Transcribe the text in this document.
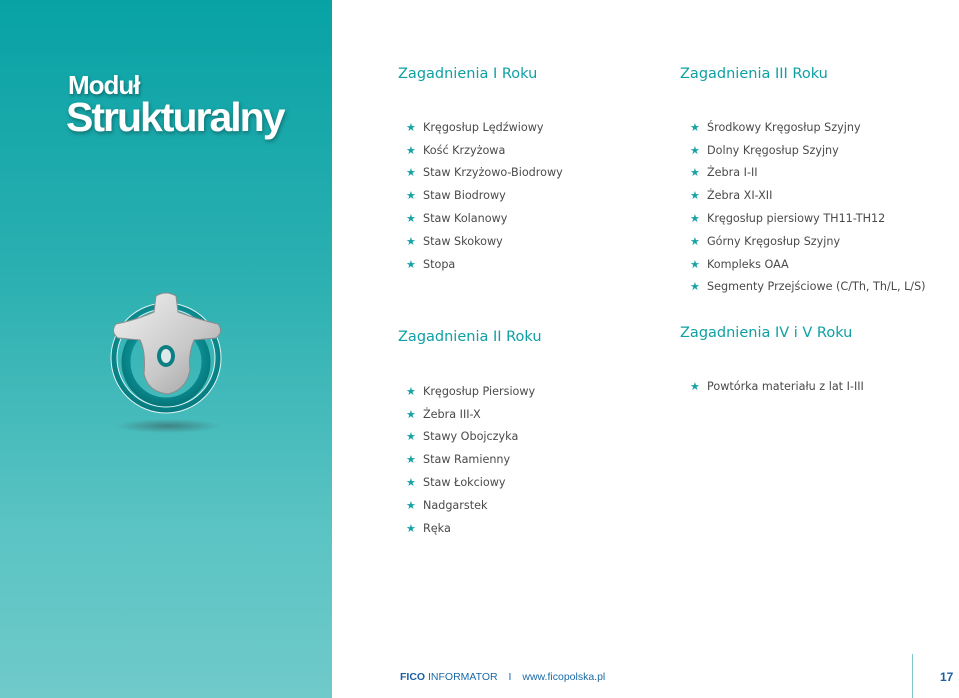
Moduł
Strukturalny
Zagadnienia I Roku
★ Kręgosłup Lędźwiowy
★ Kość Krzyżowa
★ Staw Krzyżowo-Biodrowy
★ Staw Biodrowy
★ Staw Kolanowy
★ Staw Skokowy
★ Stopa
Zagadnienia II Roku
★ Kręgosłup Piersiowy
★ Żebra III-X
★ Stawy Obojczyka
★ Staw Ramienny
★ Staw Łokciowy
★ Nadgarstek
★ Ręka
Zagadnienia III Roku
★ Środkowy Kręgosłup Szyjny
★ Dolny Kręgosłup Szyjny
★ Żebra I-II
★ Żebra XI-XII
★ Kręgosłup piersiowy TH11-TH12
★ Górny Kręgosłup Szyjny
★ Kompleks OAA
★ Segmenty Przejściowe (C/Th, Th/L, L/S)
Zagadnienia IV i V Roku
★ Powtórka materiału z lat I-III
FICO INFORMATOR I www.ficopolska.pl	17
